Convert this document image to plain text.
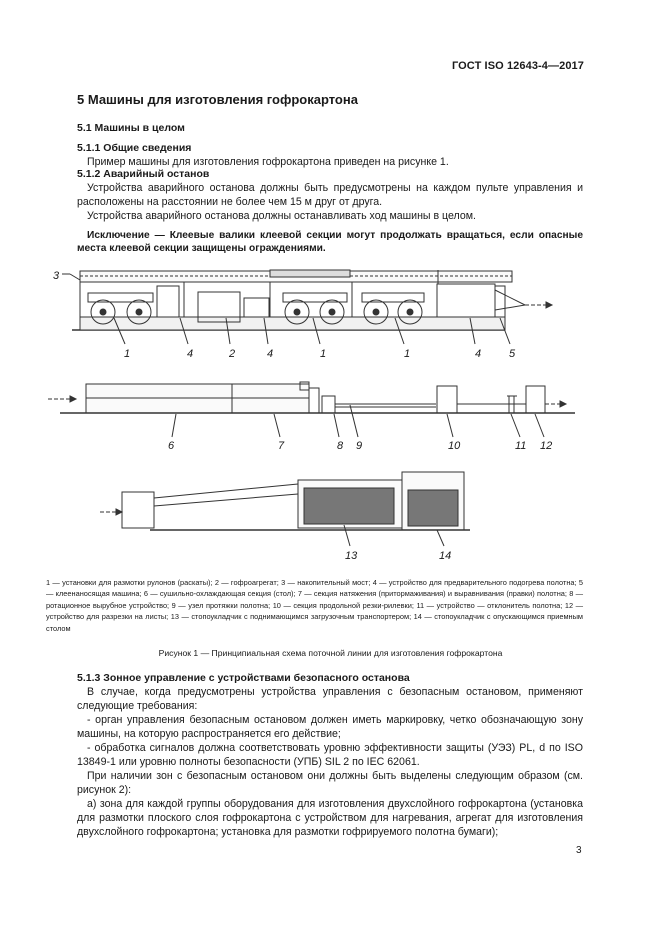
ГОСТ ISO 12643-4—2017
5 Машины для изготовления гофрокартона
5.1 Машины в целом
5.1.1 Общие сведения
Пример машины для изготовления гофрокартона приведен на рисунке 1.
5.1.2 Аварийный останов
Устройства аварийного останова должны быть предусмотрены на каждом пульте управления и расположены на расстоянии не более чем 15 м друг от друга.
Устройства аварийного останова должны останавливать ход машины в целом.
Исключение — Клеевые валики клеевой секции могут продолжать вращаться, если опасные места клеевой секции защищены ограждениями.
3
1	4	2	4	1	1	4	5
6	7	8 9	10	11 12
13	14
1 — установки для размотки рулонов (раскаты); 2 — гофроагрегат; 3 — накопительный мост; 4 — устройство для предварительного подогрева полотна; 5 — клеенаносящая машина; 6 — сушильно-охлаждающая секция (стол); 7 — секция натяжения (притормаживания) и выравнивания (правки) полотна; 8 — ротационное вырубное устройство; 9 — узел протяжки полотна; 10 — секция продольной резки-рилевки; 11 — устройство — отклонитель полотна; 12 — устройство для разрезки на листы; 13 — стопоукладчик с поднимающимся загрузочным транспортером; 14 — стопоукладчик с опускающимся приемным столом
Рисунок 1 — Принципиальная схема поточной линии для изготовления гофрокартона
5.1.3 Зонное управление с устройствами безопасного останова
В случае, когда предусмотрены устройства управления с безопасным остановом, применяют следующие требования:
- орган управления безопасным остановом должен иметь маркировку, четко обозначающую зону машины, на которую распространяется его действие;
- обработка сигналов должна соответствовать уровню эффективности защиты (УЭЗ) PL, d по ISO 13849-1 или уровню полноты безопасности (УПБ) SIL 2 по IEC 62061.
При наличии зон с безопасным остановом они должны быть выделены следующим образом (см. рисунок 2):
а) зона для каждой группы оборудования для изготовления двухслойного гофрокартона (установка для размотки плоского слоя гофрокартона с устройством для нагревания, агрегат для изготовления двухслойного гофрокартона; установка для размотки гофрируемого полотна бумаги);
3
